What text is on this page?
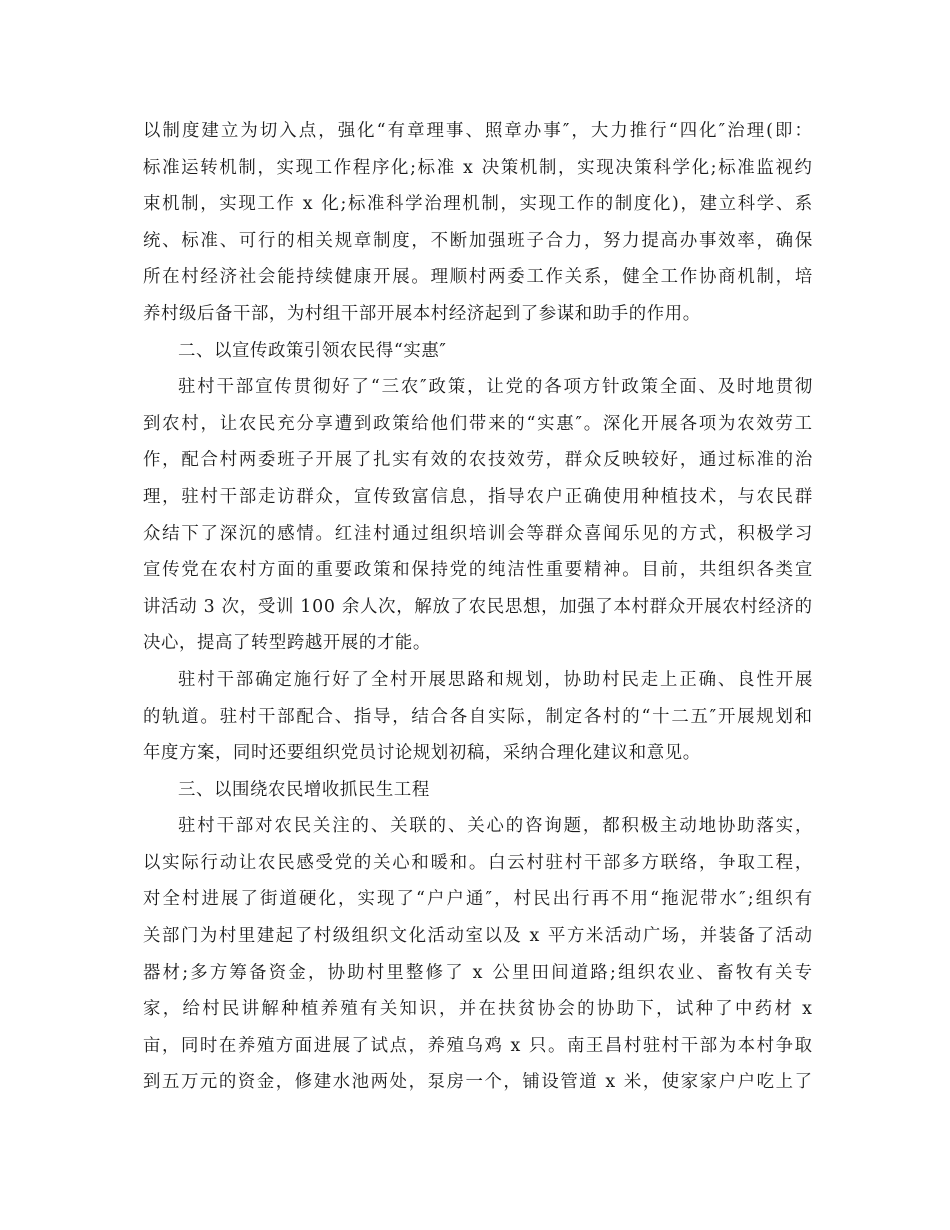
以 制 度 建 立 为 切 入 点 ， 强 化 “ 有 章 理 事 、 照 章 办 事 ″ ， 大 力 推 行 “ 四 化 ″ 治 理 ( 即 ：
标 准 运 转 机 制 ， 实 现 工 作 程 序 化 ; 标 准
x
决 策 机 制 ， 实 现 决 策 科 学 化 ; 标 准 监 视 约
束 机 制 ， 实 现 工 作
x
化 ; 标 准 科 学 治 理 机 制 ， 实 现 工 作 的 制 度 化 ) ， 建 立 科 学 、 系
统 、 标 准 、 可 行 的 相 关 规 章 制 度 ， 不 断 加 强 班 子 合 力 ， 努 力 提 高 办 事 效 率 ， 确 保
所 在 村 经 济 社 会 能 持 续 健 康 开 展 。 理 顺 村 两 委 工 作 关 系 ， 健 全 工 作 协 商 机 制 ， 培
养村级后备干部，为村组干部开展本村经济起到了参谋和助手的作用。
二、以宣传政策引领农民得“实惠″
驻 村 干 部 宣 传 贯 彻 好 了 “ 三 农 ″ 政 策 ， 让 党 的 各 项 方 针 政 策 全 面 、 及 时 地 贯 彻
到 农 村 ， 让 农 民 充 分 享 遭 到 政 策 给 他 们 带 来 的 “ 实 惠 ″ 。 深 化 开 展 各 项 为 农 效 劳 工
作 ， 配 合 村 两 委 班 子 开 展 了 扎 实 有 效 的 农 技 效 劳 ， 群 众 反 映 较 好 ， 通 过 标 准 的 治
理 ， 驻 村 干 部 走 访 群 众 ， 宣 传 致 富 信 息 ， 指 导 农 户 正 确 使 用 种 植 技 术 ， 与 农 民 群
众 结 下 了 深 沉 的 感 情 。 红 洼 村 通 过 组 织 培 训 会 等 群 众 喜 闻 乐 见 的 方 式 ， 积 极 学 习
宣 传 党 在 农 村 方 面 的 重 要 政 策 和 保 持 党 的 纯 洁 性 重 要 精 神 。 目 前 ， 共 组 织 各 类 宣
讲 活 动
3
次 ， 受 训
1 0 0
余 人 次 ， 解 放 了 农 民 思 想 ， 加 强 了 本 村 群 众 开 展 农 村 经 济 的
决心，提高了转型跨越开展的才能。
驻 村 干 部 确 定 施 行 好 了 全 村 开 展 思 路 和 规 划 ， 协 助 村 民 走 上 正 确 、 良 性 开 展
的 轨 道 。 驻 村 干 部 配 合 、 指 导 ， 结 合 各 自 实 际 ， 制 定 各 村 的 “ 十 二 五 ″ 开 展 规 划 和
年度方案，同时还要组织党员讨论规划初稿，采纳合理化建议和意见。
三、以围绕农民增收抓民生工程
驻 村 干 部 对 农 民 关 注 的 、 关 联 的 、 关 心 的 咨 询 题 ， 都 积 极 主 动 地 协 助 落 实 ，
以 实 际 行 动 让 农 民 感 受 党 的 关 心 和 暖 和 。 白 云 村 驻 村 干 部 多 方 联 络 ， 争 取 工 程 ，
对 全 村 进 展 了 街 道 硬 化 ， 实 现 了 “ 户 户 通 ″ ， 村 民 出 行 再 不 用 “ 拖 泥 带 水 ″ ; 组 织 有
关 部 门 为 村 里 建 起 了 村 级 组 织 文 化 活 动 室 以 及
x
平 方 米 活 动 广 场 ， 并 装 备 了 活 动
器 材 ; 多 方 筹 备 资 金 ， 协 助 村 里 整 修 了
x
公 里 田 间 道 路 ; 组 织 农 业 、 畜 牧 有 关 专
家 ， 给 村 民 讲 解 种 植 养 殖 有 关 知 识 ， 并 在 扶 贫 协 会 的 协 助 下 ， 试 种 了 中 药 材
x
亩 ， 同 时 在 养 殖 方 面 进 展 了 试 点 ， 养 殖 乌 鸡
x
只 。 南 王 昌 村 驻 村 干 部 为 本 村 争 取
到 五 万 元 的 资 金 ， 修 建 水 池 两 处 ， 泵 房 一 个 ， 铺 设 管 道
x
米 ， 使 家 家 户 户 吃 上 了
